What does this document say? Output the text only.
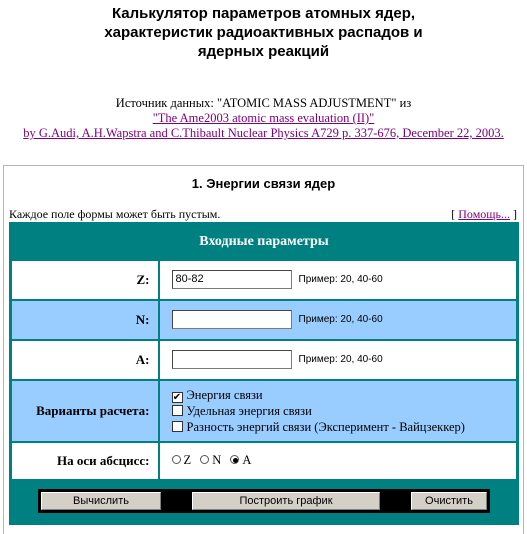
Калькулятор параметров атомных ядер,
характеристик радиоактивных распадов и
ядерных реакций
Источник данных: "ATOMIC MASS ADJUSTMENT" из
"The Ame2003 atomic mass evaluation (II)"
by G.Audi, A.H.Wapstra and C.Thibault Nuclear Physics A729 p. 337-676, December 22, 2003.
1. Энергии связи ядер
Каждое поле формы может быть пустым.	[ Помощь... ]
Входные параметры	
Z:	80-82 Пример: 20, 40-60
N:	Пример: 20, 40-60
A:	Пример: 20, 40-60
Варианты расчета:	✔ Энергия связи
Удельная энергия связи
Разность энергий связи (Эксперимент - Вайцзеккер)

На оси абсцисс:	Z N A

Вычислить Построить график Очистить	
